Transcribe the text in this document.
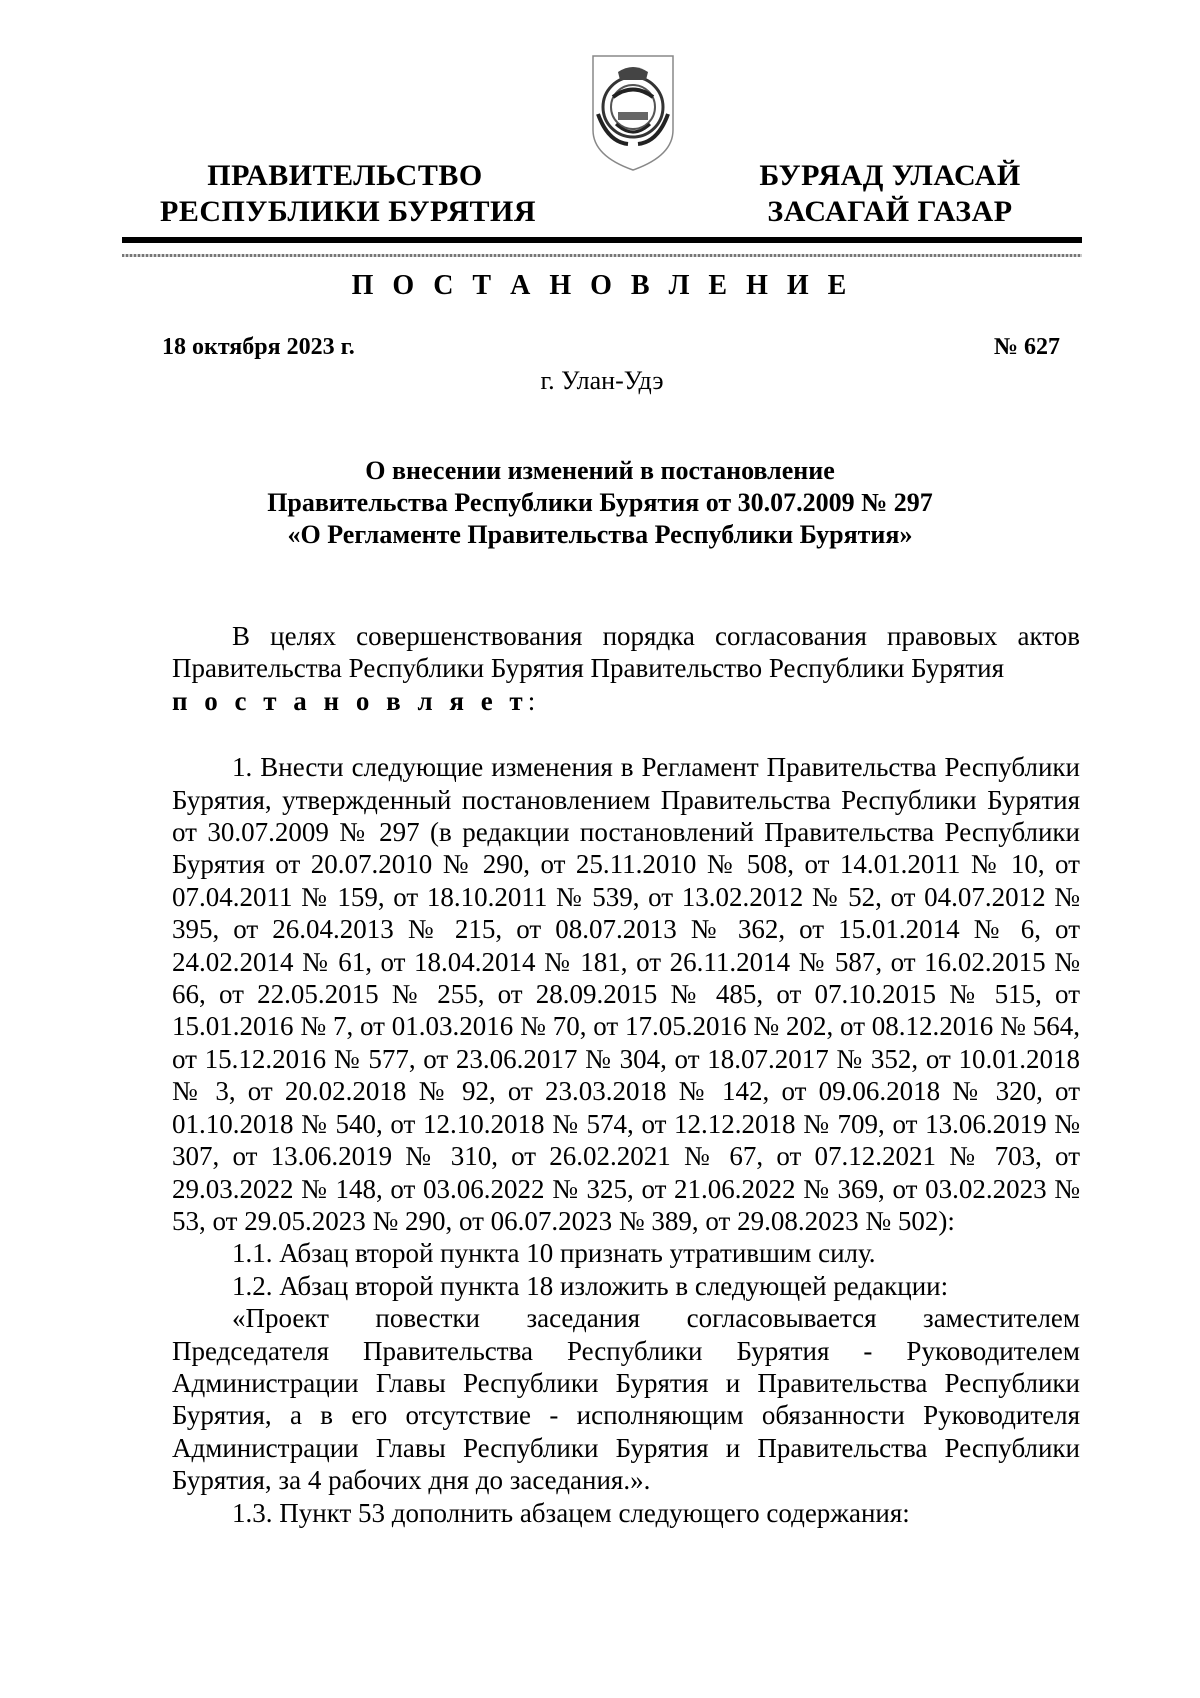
ПРАВИТЕЛЬСТВО
РЕСПУБЛИКИ БУРЯТИЯ
БУРЯАД УЛАСАЙ
ЗАСАГАЙ ГАЗАР
П О С Т А Н О В Л Е Н И Е
18 октября 2023 г.	№ 627
г. Улан-Удэ
О внесении изменений в постановление
Правительства Республики Бурятия от 30.07.2009 № 297
«О Регламенте Правительства Республики Бурятия»

В целях совершенствования порядка согласования правовых актов Правительства Республики Бурятия Правительство Республики Бурятия
п о с т а н о в л я е т:

1. Внести следующие изменения в Регламент Правительства Республики Бурятия, утвержденный постановлением Правительства Республики Бурятия от 30.07.2009 № 297 (в редакции постановлений Правительства Республики Бурятия от 20.07.2010 № 290, от 25.11.2010 № 508, от 14.01.2011 № 10, от 07.04.2011 № 159, от 18.10.2011 № 539, от 13.02.2012 № 52, от 04.07.2012 № 395, от 26.04.2013 № 215, от 08.07.2013 № 362, от 15.01.2014 № 6, от 24.02.2014 № 61, от 18.04.2014 № 181, от 26.11.2014 № 587, от 16.02.2015 № 66, от 22.05.2015 № 255, от 28.09.2015 № 485, от 07.10.2015 № 515, от 15.01.2016 № 7, от 01.03.2016 № 70, от 17.05.2016 № 202, от 08.12.2016 № 564, от 15.12.2016 № 577, от 23.06.2017 № 304, от 18.07.2017 № 352, от 10.01.2018 № 3, от 20.02.2018 № 92, от 23.03.2018 № 142, от 09.06.2018 № 320, от 01.10.2018 № 540, от 12.10.2018 № 574, от 12.12.2018 № 709, от 13.06.2019 № 307, от 13.06.2019 № 310, от 26.02.2021 № 67, от 07.12.2021 № 703, от 29.03.2022 № 148, от 03.06.2022 № 325, от 21.06.2022 № 369, от 03.02.2023 № 53, от 29.05.2023 № 290, от 06.07.2023 № 389, от 29.08.2023 № 502):

1.1. Абзац второй пункта 10 признать утратившим силу.

1.2. Абзац второй пункта 18 изложить в следующей редакции:

«Проект повестки заседания согласовывается заместителем Председателя Правительства Республики Бурятия - Руководителем Администрации Главы Республики Бурятия и Правительства Республики Бурятия, а в его отсутствие - исполняющим обязанности Руководителя Администрации Главы Республики Бурятия и Правительства Республики Бурятия, за 4 рабочих дня до заседания.».

1.3. Пункт 53 дополнить абзацем следующего содержания:
